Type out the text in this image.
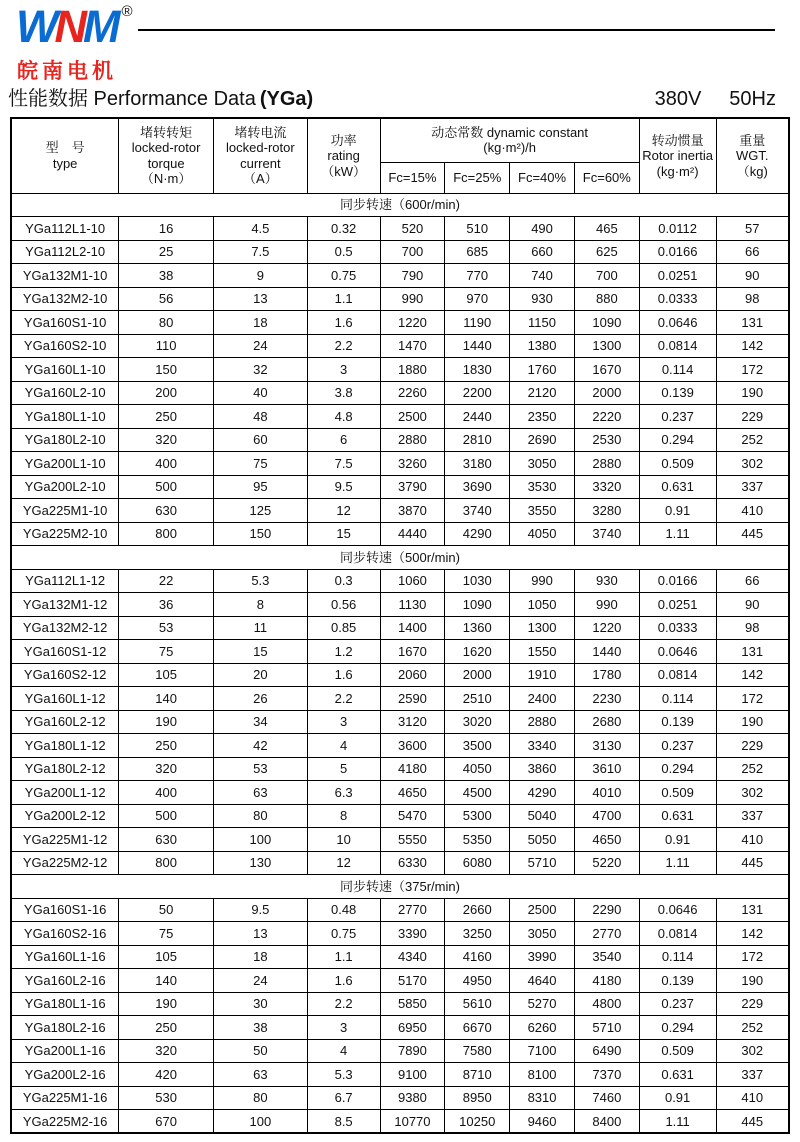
WNM ®
皖南电机
性能数据 Performance Data (YGa)	380V 50Hz
型　号
type

堵转转矩
locked-rotor
torque
（N·m）

堵转电流
locked-rotor
current
（A）

功率
rating
（kW）

动态常数 dynamic constant
(kg·m²)/h

转动惯量
Rotor inertia
(kg·m²)

重量
WGT.
（kg)

				Fc=15%	Fc=25%	Fc=40%	Fc=60%		
同步转速（600r/min)									
YGa112L1-10	16	4.5	0.32	520	510	490	465	0.0112	57
YGa112L2-10	25	7.5	0.5	700	685	660	625	0.0166	66
YGa132M1-10	38	9	0.75	790	770	740	700	0.0251	90
YGa132M2-10	56	13	1.1	990	970	930	880	0.0333	98
YGa160S1-10	80	18	1.6	1220	1190	1150	1090	0.0646	131
YGa160S2-10	110	24	2.2	1470	1440	1380	1300	0.0814	142
YGa160L1-10	150	32	3	1880	1830	1760	1670	0.114	172
YGa160L2-10	200	40	3.8	2260	2200	2120	2000	0.139	190
YGa180L1-10	250	48	4.8	2500	2440	2350	2220	0.237	229
YGa180L2-10	320	60	6	2880	2810	2690	2530	0.294	252
YGa200L1-10	400	75	7.5	3260	3180	3050	2880	0.509	302
YGa200L2-10	500	95	9.5	3790	3690	3530	3320	0.631	337
YGa225M1-10	630	125	12	3870	3740	3550	3280	0.91	410
YGa225M2-10	800	150	15	4440	4290	4050	3740	1.11	445
同步转速（500r/min)									
YGa112L1-12	22	5.3	0.3	1060	1030	990	930	0.0166	66
YGa132M1-12	36	8	0.56	1130	1090	1050	990	0.0251	90
YGa132M2-12	53	11	0.85	1400	1360	1300	1220	0.0333	98
YGa160S1-12	75	15	1.2	1670	1620	1550	1440	0.0646	131
YGa160S2-12	105	20	1.6	2060	2000	1910	1780	0.0814	142
YGa160L1-12	140	26	2.2	2590	2510	2400	2230	0.114	172
YGa160L2-12	190	34	3	3120	3020	2880	2680	0.139	190
YGa180L1-12	250	42	4	3600	3500	3340	3130	0.237	229
YGa180L2-12	320	53	5	4180	4050	3860	3610	0.294	252
YGa200L1-12	400	63	6.3	4650	4500	4290	4010	0.509	302
YGa200L2-12	500	80	8	5470	5300	5040	4700	0.631	337
YGa225M1-12	630	100	10	5550	5350	5050	4650	0.91	410
YGa225M2-12	800	130	12	6330	6080	5710	5220	1.11	445
同步转速（375r/min)									
YGa160S1-16	50	9.5	0.48	2770	2660	2500	2290	0.0646	131
YGa160S2-16	75	13	0.75	3390	3250	3050	2770	0.0814	142
YGa160L1-16	105	18	1.1	4340	4160	3990	3540	0.114	172
YGa160L2-16	140	24	1.6	5170	4950	4640	4180	0.139	190
YGa180L1-16	190	30	2.2	5850	5610	5270	4800	0.237	229
YGa180L2-16	250	38	3	6950	6670	6260	5710	0.294	252
YGa200L1-16	320	50	4	7890	7580	7100	6490	0.509	302
YGa200L2-16	420	63	5.3	9100	8710	8100	7370	0.631	337
YGa225M1-16	530	80	6.7	9380	8950	8310	7460	0.91	410
YGa225M2-16	670	100	8.5	10770	10250	9460	8400	1.11	445
